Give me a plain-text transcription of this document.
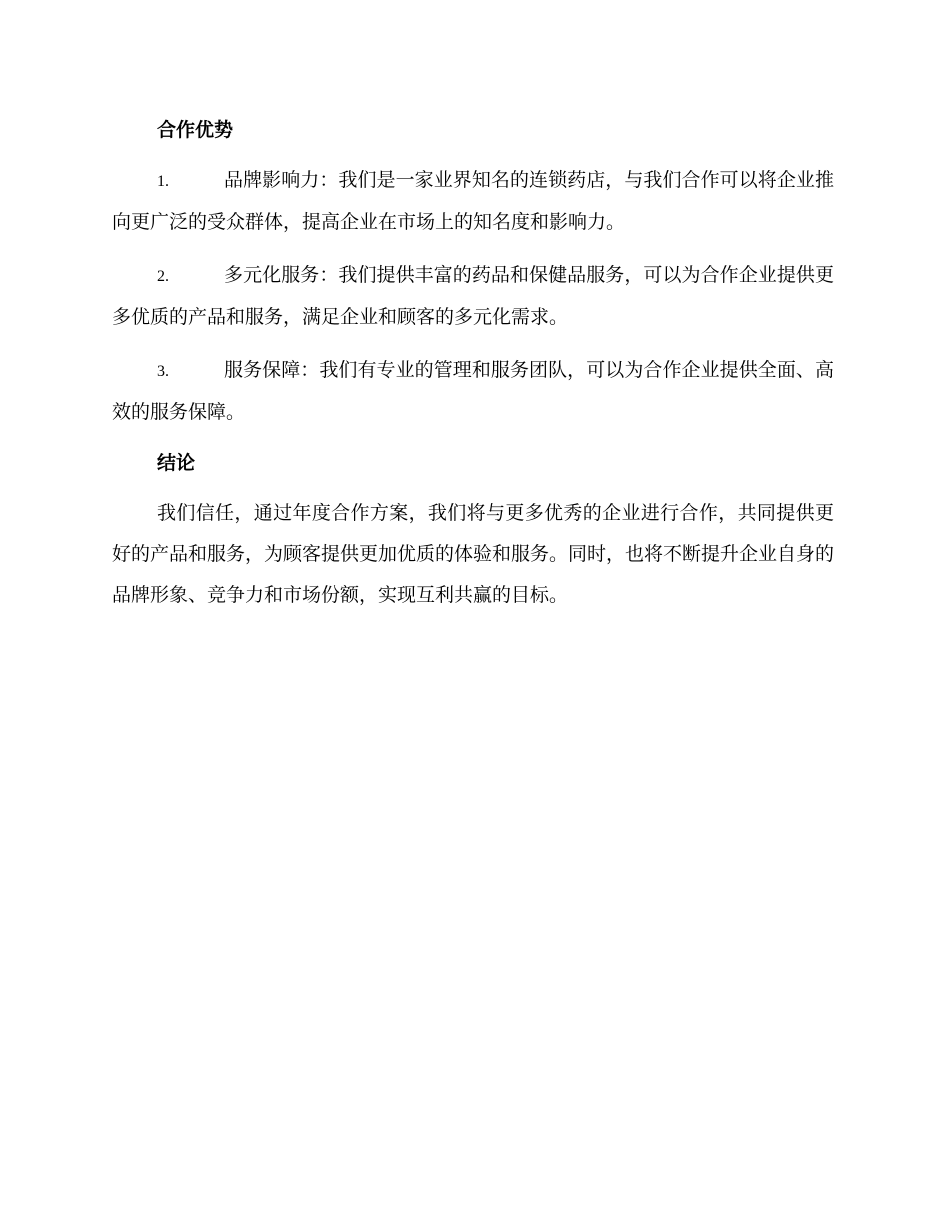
合作优势
1.	品牌影响力：我们是一家业界知名的连锁药店，与我们合作可以将企业推向更广泛的受众群体，提高企业在市场上的知名度和影响力。
2.	多元化服务：我们提供丰富的药品和保健品服务，可以为合作企业提供更多优质的产品和服务，满足企业和顾客的多元化需求。
3.	服务保障：我们有专业的管理和服务团队，可以为合作企业提供全面、高效的服务保障。
结论

我们信任，通过年度合作方案，我们将与更多优秀的企业进行合作，共同提供更好的产品和服务，为顾客提供更加优质的体验和服务。同时，也将不断提升企业自身的品牌形象、竞争力和市场份额，实现互利共赢的目标。
